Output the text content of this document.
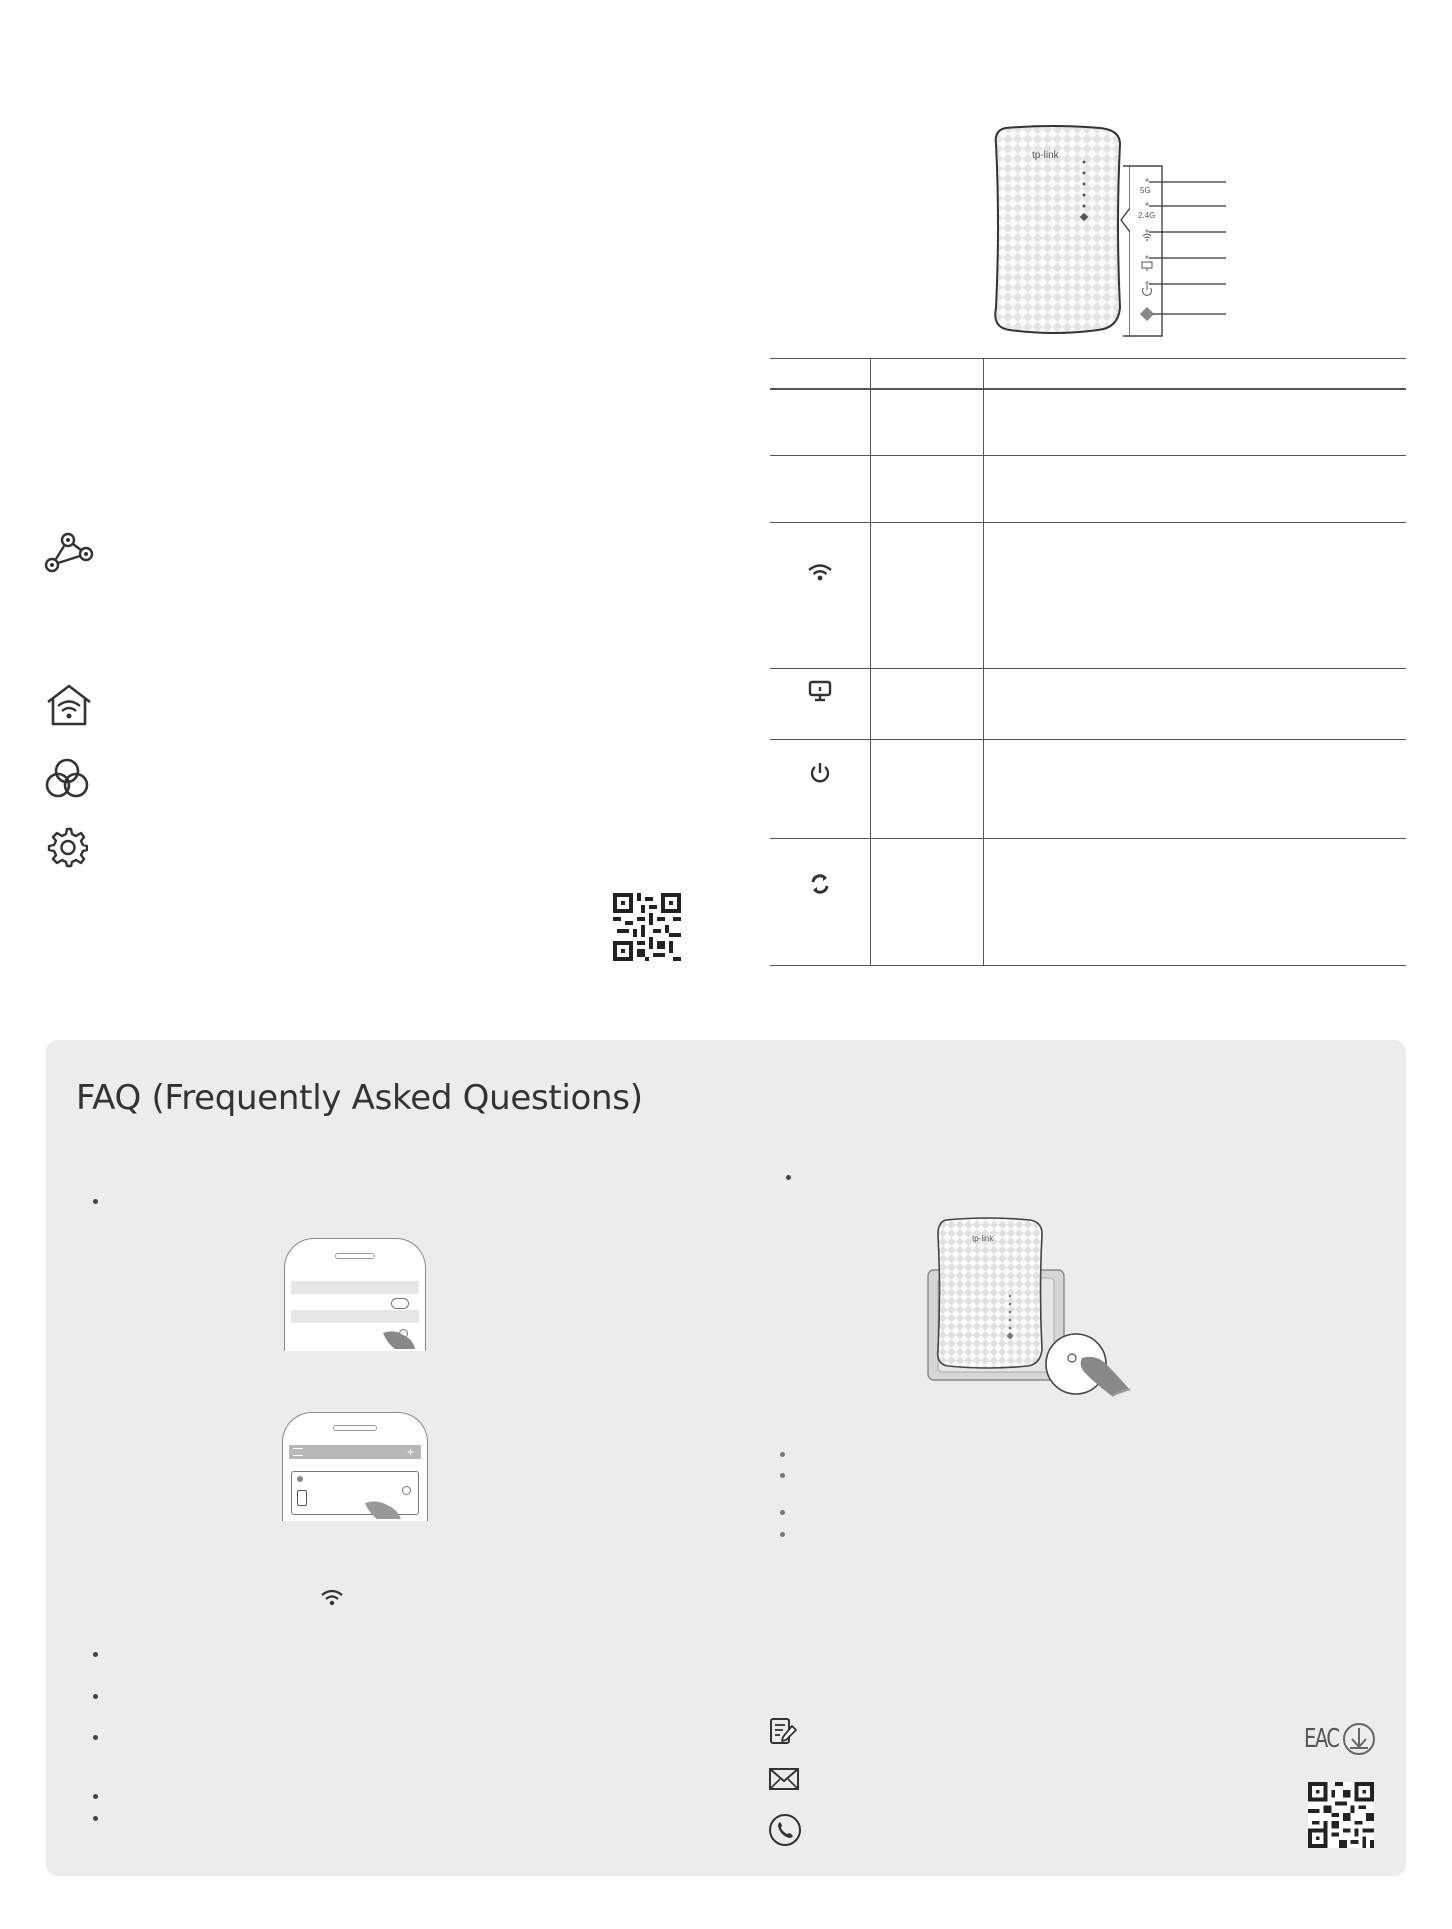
tp-link
5G
2.4G
FAQ (Frequently Asked Questions)
+
tp-link
EAC
